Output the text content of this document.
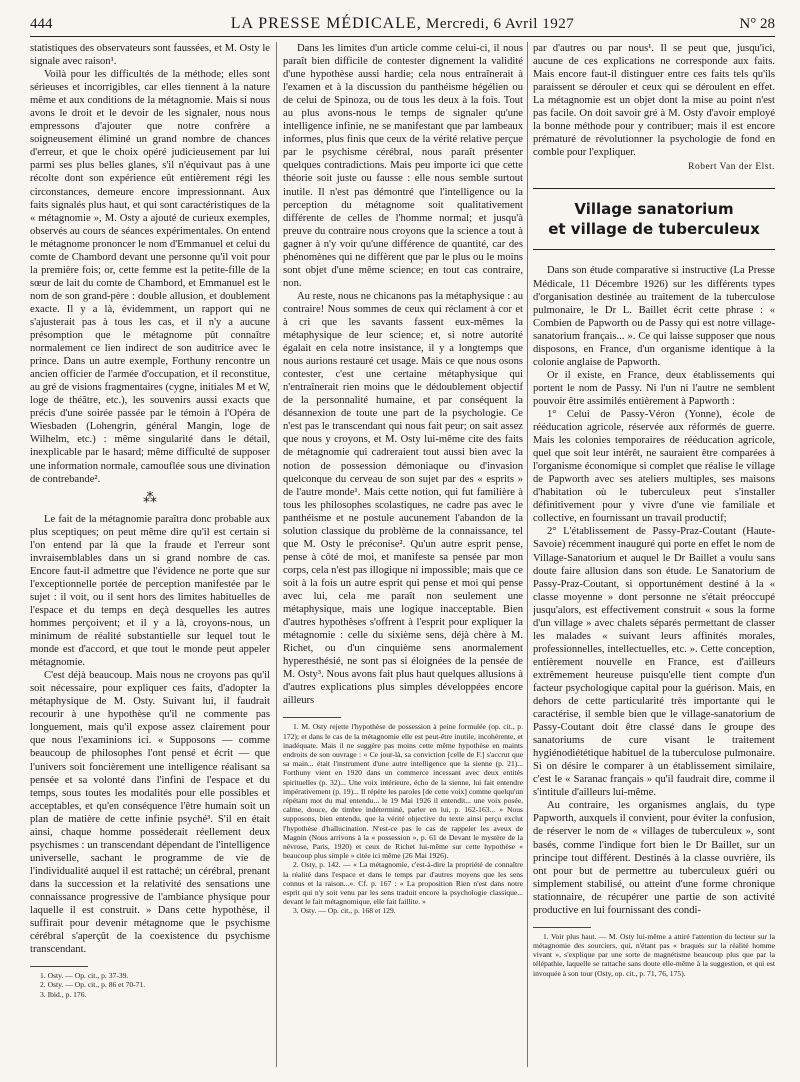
444	LA PRESSE MÉDICALE, Mercredi, 6 Avril 1927	N° 28

statistiques des observateurs sont faussées, et M. Osty le signale avec raison¹.

Voilà pour les difficultés de la méthode; elles sont sérieuses et incorrigibles, car elles tiennent à la nature même et aux conditions de la métagnomie. Mais si nous avons le droit et le devoir de les signaler, nous nous empressons d'ajouter que notre confrère a soigneusement éliminé un grand nombre de chances d'erreur, et que le choix opéré judicieusement par lui parmi ses plus belles glanes, s'il n'équivaut pas à une récolte dont son expérience eût entièrement régi les circonstances, demeure encore impressionnant. Aux faits signalés plus haut, et qui sont caractéristiques de la « métagnomie », M. Osty a ajouté de curieux exemples, observés au cours de séances expérimentales. On entend le métagnome prononcer le nom d'Emmanuel et celui du comte de Chambord devant une personne qu'il voit pour la première fois; or, cette femme est la petite-fille de la sœur de lait du comte de Chambord, et Emmanuel est le nom de son grand-père : double allusion, et doublement exacte. Il y a là, évidemment, un rapport qui ne s'ajusterait pas à tous les cas, et il n'y a aucune présomption que le métagnome pût connaître normalement ce lien indirect de son auditrice avec le prince. Dans un autre exemple, Forthuny rencontre un ancien officier de l'armée d'occupation, et il reconstitue, au gré de visions fragmentaires (cygne, initiales M et W, loge de théâtre, etc.), les souvenirs aussi exacts que précis d'une soirée passée par le témoin à l'Opéra de Wiesbaden (Lohengrin, général Mangin, loge de Wilhelm, etc.) : même singularité dans le détail, inexplicable par le hasard; même difficulté de supposer une information normale, camouflée sous une divination de contrebande².

⁂

Le fait de la métagnomie paraîtra donc probable aux plus sceptiques; on peut même dire qu'il est certain si l'on entend par là que la fraude et l'erreur sont invraisemblables dans un si grand nombre de cas. Encore faut-il admettre que l'évidence ne porte que sur l'exceptionnelle portée de perception manifestée par le sujet : il voit, ou il sent hors des limites habituelles de l'espace et du temps en deçà desquelles les autres hommes perçoivent; et il y a là, croyons-nous, un minimum de réalité substantielle sur lequel tout le monde est d'accord, et que tout le monde peut appeler métagnomie.

C'est déjà beaucoup. Mais nous ne croyons pas qu'il soit nécessaire, pour expliquer ces faits, d'adopter la métaphysique de M. Osty. Suivant lui, il faudrait recourir à une hypothèse qu'il ne commente pas longuement, mais qu'il expose assez clairement pour que nous l'examinions ici. « Supposons — comme beaucoup de philosophes l'ont pensé et écrit — que l'univers soit foncièrement une intelligence réalisant sa pensée et sa volonté dans l'infini de l'espace et du temps, sous toutes les modalités pour elle possibles et acceptables, et qu'en conséquence l'être humain soit un plan de matière de cette infinie psyché³. S'il en était ainsi, chaque homme posséderait réellement deux psychismes : un transcendant dépendant de l'intelligence universelle, sachant le programme de vie de l'individualité auquel il est rattaché; un cérébral, prenant dans la succession et la relativité des sensations une connaissance progressive de l'ambiance physique pour laquelle il est construit. » Dans cette hypothèse, il suffirait pour devenir métagnome que le psychisme cérébral s'aperçût de la coexistence du psychisme transcendant.

1. Osty. — Op. cit., p. 37-39.

2. Osty. — Op. cit., p. 86 et 70-71.

3. Ibid., p. 176.

Dans les limites d'un article comme celui-ci, il nous paraît bien difficile de contester dignement la validité d'une hypothèse aussi hardie; cela nous entraînerait à l'examen et à la discussion du panthéisme hégélien ou de celui de Spinoza, ou de tous les deux à la fois. Tout au plus avons-nous le temps de signaler qu'une intelligence infinie, ne se manifestant que par lambeaux informes, plus finis que ceux de la vérité relative perçue par le psychisme cérébral, nous paraît présenter quelques contradictions. Mais peu importe ici que cette théorie soit juste ou fausse : elle nous semble surtout inutile. Il n'est pas démontré que l'intelligence ou la perception du métagnome soit qualitativement différente de celles de l'homme normal; et jusqu'à preuve du contraire nous croyons que la science a tout à gagner à n'y voir qu'une différence de quantité, car des phénomènes qui ne diffèrent que par le plus ou le moins sont objet d'une même science; en tout cas contraire, non.

Au reste, nous ne chicanons pas la métaphysique : au contraire! Nous sommes de ceux qui réclament à cor et à cri que les savants fassent eux-mêmes la métaphysique de leur science; et, si notre autorité égalait en cela notre insistance, il y a longtemps que nous aurions restauré cet usage. Mais ce que nous osons contester, c'est une certaine métaphysique qui n'entraînerait rien moins que le dédoublement objectif de la personnalité humaine, et par conséquent la désannexion de toute une part de la psychologie. Ce n'est pas le transcendant qui nous fait peur; on sait assez que nous y croyons, et M. Osty lui-même cite des faits de métagnomie qui cadreraient tout aussi bien avec la notion de possession démoniaque ou d'invasion quelconque du cerveau de son sujet par des « esprits » de l'autre monde¹. Mais cette notion, qui fut familière à tous les philosophes scolastiques, ne cadre pas avec le panthéisme et ne postule aucunement l'abandon de la solution classique du problème de la connaissance, tel que M. Osty le préconise². Qu'un autre esprit pense, pense à côté de moi, et manifeste sa pensée par mon corps, cela n'est pas illogique ni impossible; mais que ce soit à la fois un autre esprit qui pense et moi qui pense avec lui, cela me paraît non seulement une métaphysique, mais une logique inacceptable. Bien d'autres hypothèses s'offrent à l'esprit pour expliquer la métagnomie : celle du sixième sens, déjà chère à M. Richet, ou d'un cinquième sens anormalement hyperesthésié, ne sont pas si éloignées de la pensée de M. Osty³. Nous avons fait plus haut quelques allusions à d'autres explications plus simples développées encore ailleurs

1. M. Osty rejette l'hypothèse de possession à peine formulée (op. cit., p. 172); et dans le cas de la métagnomie elle est peut-être inutile, incohérente, et inadéquate. Mais il ne suggère pas moins cette même hypothèse en maints endroits de son ouvrage : « Ce jour-là, sa conviction [celle de F.] s'accrut que sa main... était l'instrument d'une autre intelligence que la sienne (p. 21)... Forthuny vient en 1920 dans un commerce incessant avec deux entités spirituelles (p. 32)... Une voix intérieure, écho de la sienne, lui fait entendre impérativement (p. 19)... Il répète les paroles [de cette voix] comme quelqu'un répétant mot du mal entendu... le 19 Mai 1926 il entendit... une voix posée, calme, douce, de timbre indéterminé, parler en lui, p. 162-163... » Nous supposons, bien entendu, que la vérité objective du texte ainsi perçu exclut l'hypothèse d'hallucination. N'est-ce pas le cas de rappeler les aveux de Magnin (Nous arrivons à la « possession », p. 61 de Devant le mystère de la névrose, Paris, 1920) et ceux de Richet lui-même sur cette hypothèse « beaucoup plus simple » citée ici même (26 Mai 1926).

2. Osty, p. 142. — « La métagnomie, c'est-à-dire la propriété de connaître la réalité dans l'espace et dans le temps par d'autres moyens que les sens connus et la raison...». Cf. p. 167 : « La proposition Rien n'est dans notre esprit qui n'y soit venu par les sens traduit encore la psychologie classique... devant le fait métagnomique, elle fait faillite. »

3. Osty. — Op. cit., p. 168 et 129.

par d'autres ou par nous¹. Il se peut que, jusqu'ici, aucune de ces explications ne corresponde aux faits. Mais encore faut-il distinguer entre ces faits tels qu'ils paraissent se dérouler et ceux qui se déroulent en effet. La métagnomie est un objet dont la mise au point n'est pas facile. On doit savoir gré à M. Osty d'avoir employé la bonne méthode pour y contribuer; mais il est encore prématuré de révolutionner la psychologie de fond en comble pour l'expliquer.

Robert Van der Elst.
Village sanatorium
et village de tuberculeux

Dans son étude comparative si instructive (La Presse Médicale, 11 Décembre 1926) sur les différents types d'organisation destinée au traitement de la tuberculose pulmonaire, le Dr L. Baillet écrit cette phrase : « Combien de Papworth ou de Passy qui est notre village-sanatorium français... ». Ce qui laisse supposer que nous disposons, en France, d'un organisme identique à la colonie anglaise de Papworth.

Or il existe, en France, deux établissements qui portent le nom de Passy. Ni l'un ni l'autre ne semblent pouvoir être assimilés entièrement à Papworth :

1° Celui de Passy-Véron (Yonne), école de rééducation agricole, réservée aux réformés de guerre. Mais les colonies temporaires de rééducation agricole, quel que soit leur intérêt, ne sauraient être comparées à l'organisme économique si complet que réalise le village de Papworth avec ses ateliers multiples, ses maisons d'habitation où le tuberculeux peut s'installer définitivement pour y vivre d'une vie familiale et collective, en fournissant un travail productif;

2° L'établissement de Passy-Praz-Coutant (Haute-Savoie) récemment inauguré qui porte en effet le nom de Village-Sanatorium et auquel le Dr Baillet a voulu sans doute faire allusion dans son étude. Le Sanatorium de Passy-Praz-Coutant, si opportunément destiné à la « classe moyenne » dont personne ne s'était préoccupé jusqu'alors, est effectivement construit « sous la forme d'un village » avec chalets séparés permettant de classer les malades « suivant leurs affinités morales, professionnelles, intellectuelles, etc. ». Cette conception, entièrement nouvelle en France, est d'ailleurs extrêmement heureuse puisqu'elle tient compte d'un facteur psychologique capital pour la guérison. Mais, en dehors de cette particularité très importante qui le caractérise, il semble bien que le village-sanatorium de Passy-Coutant doit être classé dans le groupe des sanatoriums de cure visant le traitement hygiénodiététique habituel de la tuberculose pulmonaire. Si on désire le comparer à un établissement similaire, c'est le « Saranac français » qu'il faudrait dire, comme il s'intitule d'ailleurs lui-même.

Au contraire, les organismes anglais, du type Papworth, auxquels il convient, pour éviter la confusion, de réserver le nom de « villages de tuberculeux », sont basés, comme l'indique fort bien le Dr Baillet, sur un principe tout différent. Destinés à la classe ouvrière, ils ont pour but de permettre au tuberculeux guéri ou simplement stabilisé, ou atteint d'une forme chronique stationnaire, de récupérer une partie de son activité productive en lui fournissant des condi-

1. Voir plus haut. — M. Osty lui-même a attiré l'attention du lecteur sur la métagnomie des sourciers, qui, n'étant pas « braqués sur la réalité homme vivant », s'explique par une sorte de magnétisme beaucoup plus que par la télépathie, laquelle se rattache sans doute elle-même à la suggestion, et qui est invoquée à son tour (Osty, op. cit., p. 71, 76, 175).
